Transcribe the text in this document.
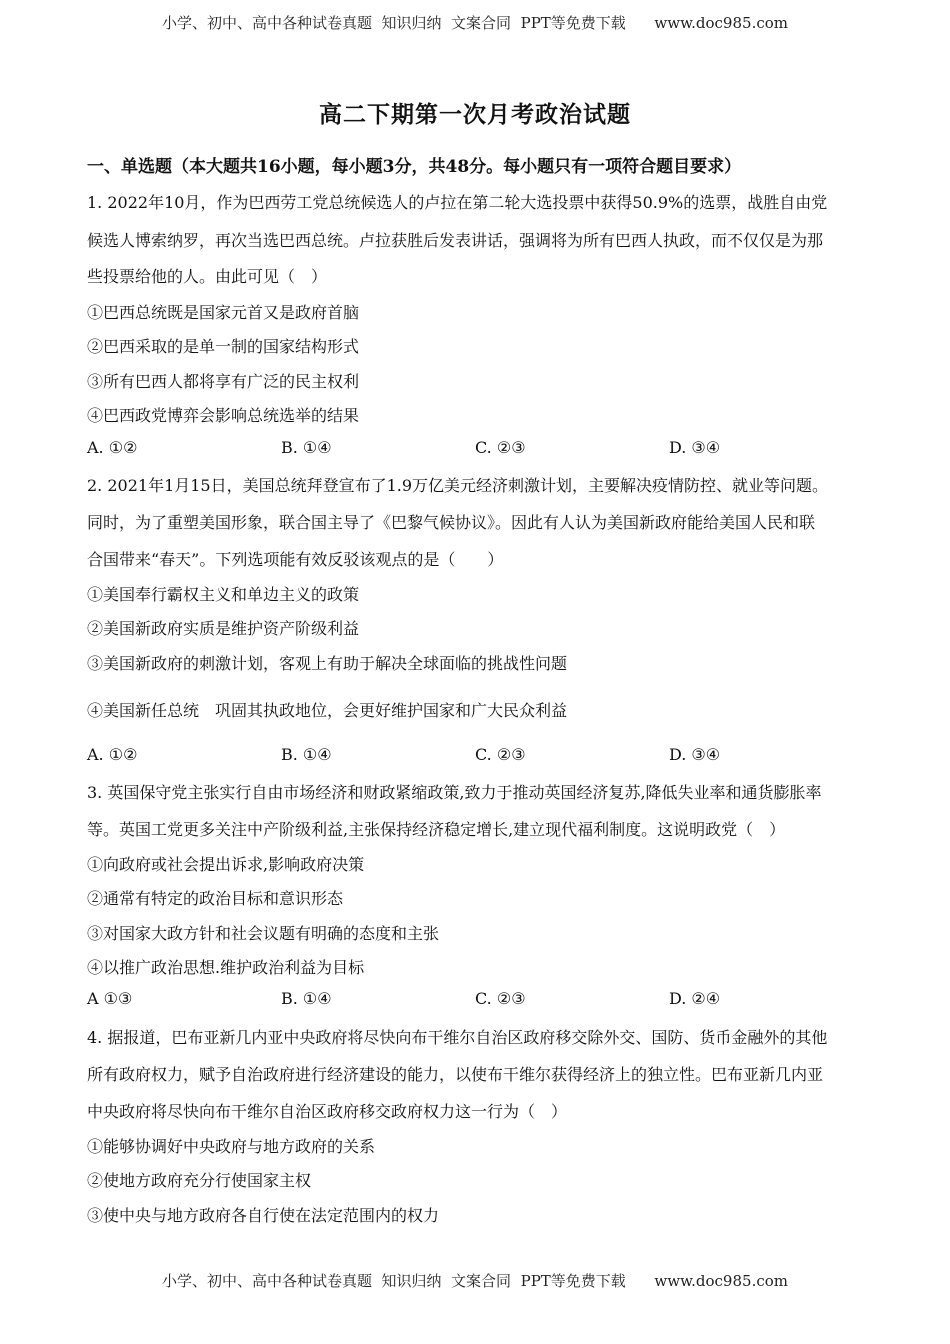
小学、初中、高中各种试卷真题  知识归纳  文案合同  PPT等免费下载      www.doc985.com
高二下期第一次月考政治试题
一、单选题（本大题共16小题，每小题3分，共48分。每小题只有一项符合题目要求）
1. 2022年10月，作为巴西劳工党总统候选人的卢拉在第二轮大选投票中获得50.9%的选票，战胜自由党
候选人博索纳罗，再次当选巴西总统。卢拉获胜后发表讲话，强调将为所有巴西人执政，而不仅仅是为那
些投票给他的人。由此可见（　）
①巴西总统既是国家元首又是政府首脑
②巴西采取的是单一制的国家结构形式
③所有巴西人都将享有广泛的民主权利
④巴西政党博弈会影响总统选举的结果
A. ①②	B. ①④	C. ②③	D. ③④
2. 2021年1月15日，美国总统拜登宣布了1.9万亿美元经济刺激计划，主要解决疫情防控、就业等问题。
同时，为了重塑美国形象，联合国主导了《巴黎气候协议》。因此有人认为美国新政府能给美国人民和联
合国带来“春天”。下列选项能有效反驳该观点的是（　　）
①美国奉行霸权主义和单边主义的政策
②美国新政府实质是维护资产阶级利益
③美国新政府的刺激计划，客观上有助于解决全球面临的挑战性问题
④美国新任总统　巩固其执政地位，会更好维护国家和广大民众利益
A. ①②	B. ①④	C. ②③	D. ③④
3. 英国保守党主张实行自由市场经济和财政紧缩政策,致力于推动英国经济复苏,降低失业率和通货膨胀率
等。英国工党更多关注中产阶级利益,主张保持经济稳定增长,建立现代福利制度。这说明政党（　）
①向政府或社会提出诉求,影响政府决策
②通常有特定的政治目标和意识形态
③对国家大政方针和社会议题有明确的态度和主张
④以推广政治思想.维护政治利益为目标
A ①③	B. ①④	C. ②③	D. ②④
4. 据报道，巴布亚新几内亚中央政府将尽快向布干维尔自治区政府移交除外交、国防、货币金融外的其他
所有政府权力，赋予自治政府进行经济建设的能力，以使布干维尔获得经济上的独立性。巴布亚新几内亚
中央政府将尽快向布干维尔自治区政府移交政府权力这一行为（　）
①能够协调好中央政府与地方政府的关系
②使地方政府充分行使国家主权
③使中央与地方政府各自行使在法定范围内的权力
小学、初中、高中各种试卷真题  知识归纳  文案合同  PPT等免费下载      www.doc985.com
